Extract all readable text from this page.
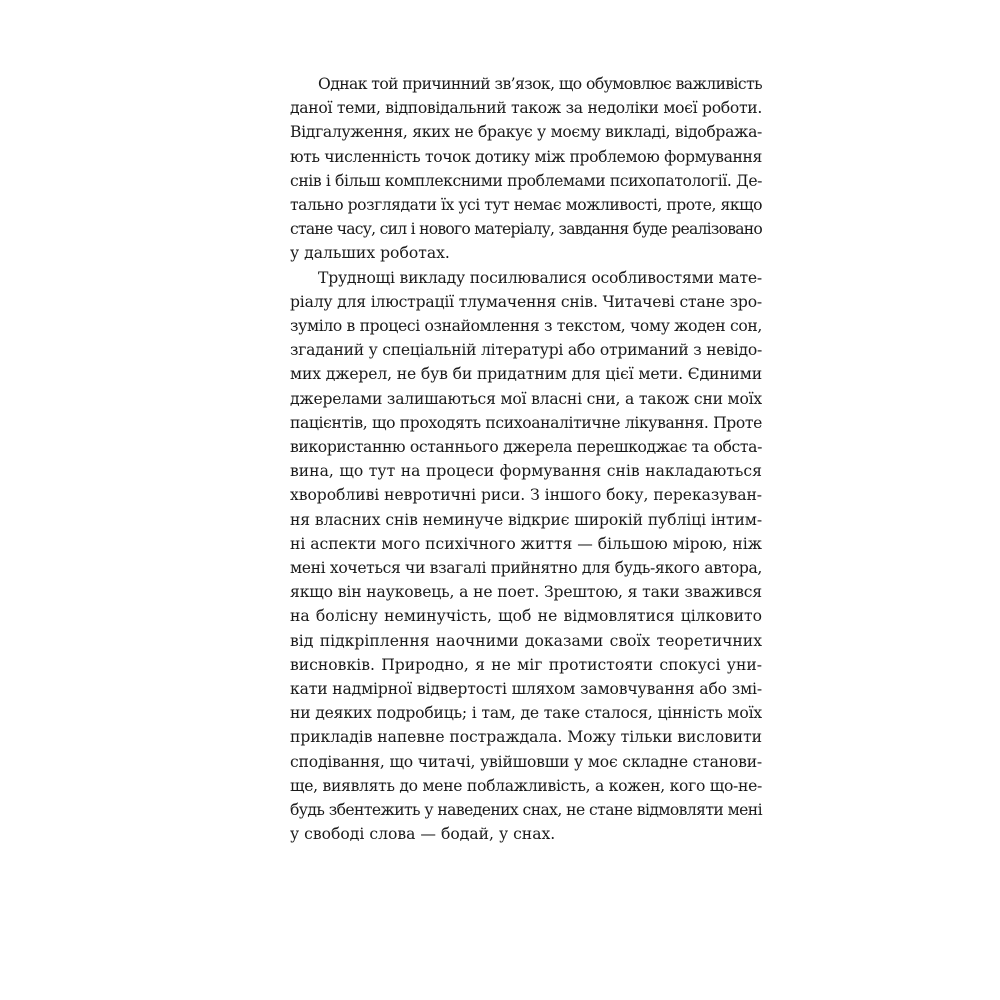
Однак той причинний зв’язок, що обумовлює важливість
даної теми, відповідальний також за недоліки моєї роботи.
Відгалуження, яких не бракує у моєму викладі, відобража-
ють численність точок дотику між проблемою формування
снів і більш комплексними проблемами психопатології. Де-
тально розглядати їх усі тут немає можливості, проте, якщо
стане часу, сил і нового матеріалу, завдання буде реалізовано
у дальших роботах.

Труднощі викладу посилювалися особливостями мате-
ріалу для ілюстрації тлумачення снів. Читачеві стане зро-
зуміло в процесі ознайомлення з текстом, чому жоден сон,
згаданий у спеціальній літературі або отриманий з невідо-
мих джерел, не був би придатним для цієї мети. Єдиними
джерелами залишаються мої власні сни, а також сни моїх
пацієнтів, що проходять психоаналітичне лікування. Проте
використанню останнього джерела перешкоджає та обста-
вина, що тут на процеси формування снів накладаються
хворобливі невротичні риси. З іншого боку, переказуван-
ня власних снів неминуче відкриє широкій публіці інтим-
ні аспекти мого психічного життя — більшою мірою, ніж
мені хочеться чи взагалі прийнятно для будь-якого автора,
якщо він науковець, а не поет. Зрештою, я таки зважився
на болісну неминучість, щоб не відмовлятися цілковито
від підкріплення наочними доказами своїх теоретичних
висновків. Природно, я не міг протистояти спокусі уни-
кати надмірної відвертості шляхом замовчування або змі-
ни деяких подробиць; і там, де таке сталося, цінність моїх
прикладів напевне постраждала. Можу тільки висловити
сподівання, що читачі, увійшовши у моє складне станови-
ще, виявлять до мене поблажливість, а кожен, кого що-не-
будь збентежить у наведених снах, не стане відмовляти мені
у свободі слова — бодай, у снах.
